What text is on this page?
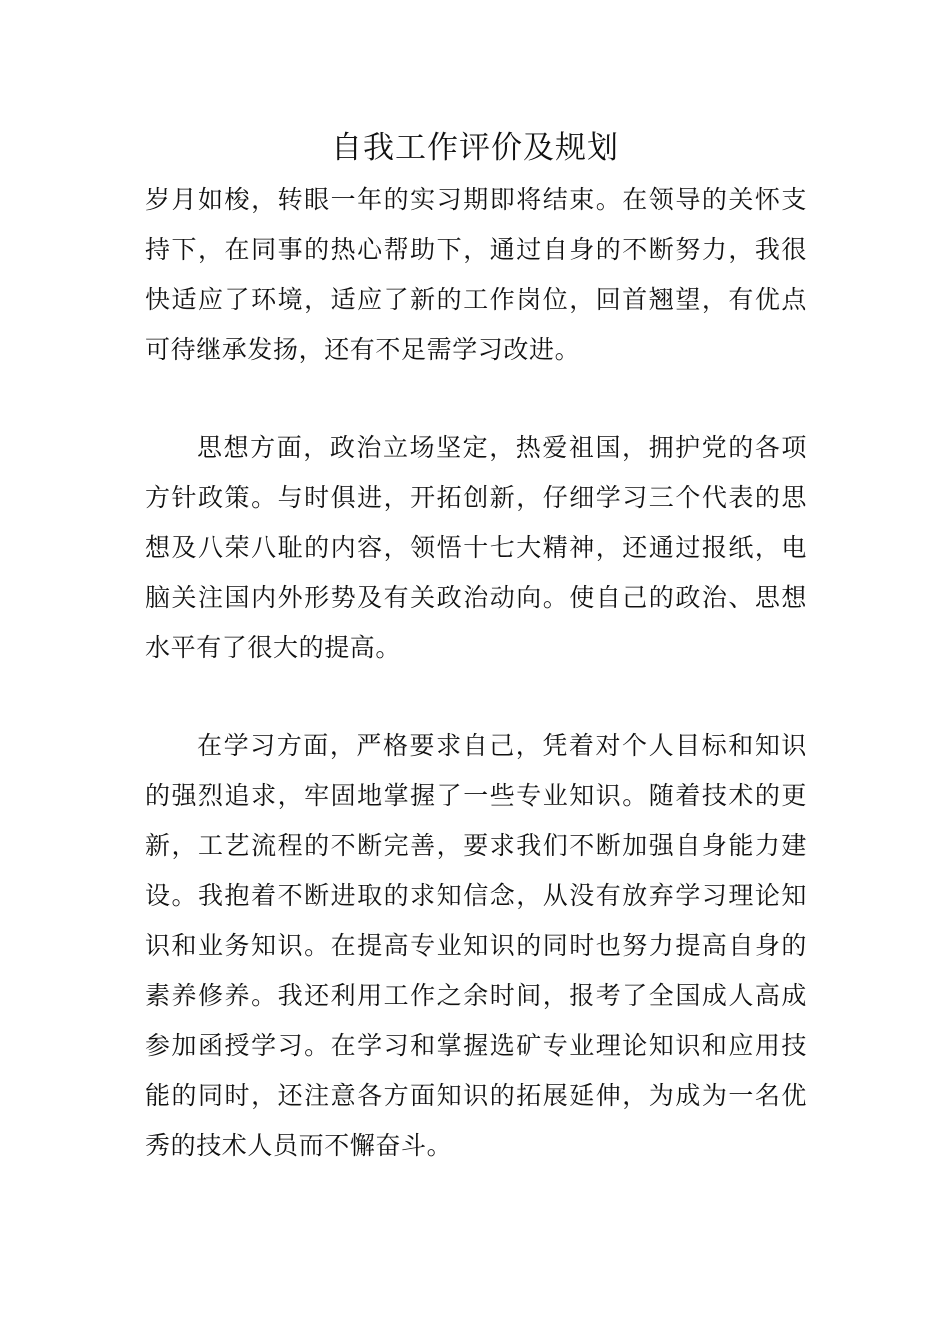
自我工作评价及规划

岁月如梭，转眼一年的实习期即将结束。在领导的关怀支持下，在同事的热心帮助下，通过自身的不断努力，我很快适应了环境，适应了新的工作岗位，回首翘望，有优点可待继承发扬，还有不足需学习改进。

思想方面，政治立场坚定，热爱祖国，拥护党的各项方针政策。与时俱进，开拓创新，仔细学习三个代表的思想及八荣八耻的内容，领悟十七大精神，还通过报纸，电脑关注国内外形势及有关政治动向。使自己的政治、思想水平有了很大的提高。

在学习方面，严格要求自己，凭着对个人目标和知识的强烈追求，牢固地掌握了一些专业知识。随着技术的更新，工艺流程的不断完善，要求我们不断加强自身能力建设。我抱着不断进取的求知信念，从没有放弃学习理论知识和业务知识。在提高专业知识的同时也努力提高自身的素养修养。我还利用工作之余时间，报考了全国成人高成参加函授学习。在学习和掌握选矿专业理论知识和应用技能的同时，还注意各方面知识的拓展延伸，为成为一名优秀的技术人员而不懈奋斗。
